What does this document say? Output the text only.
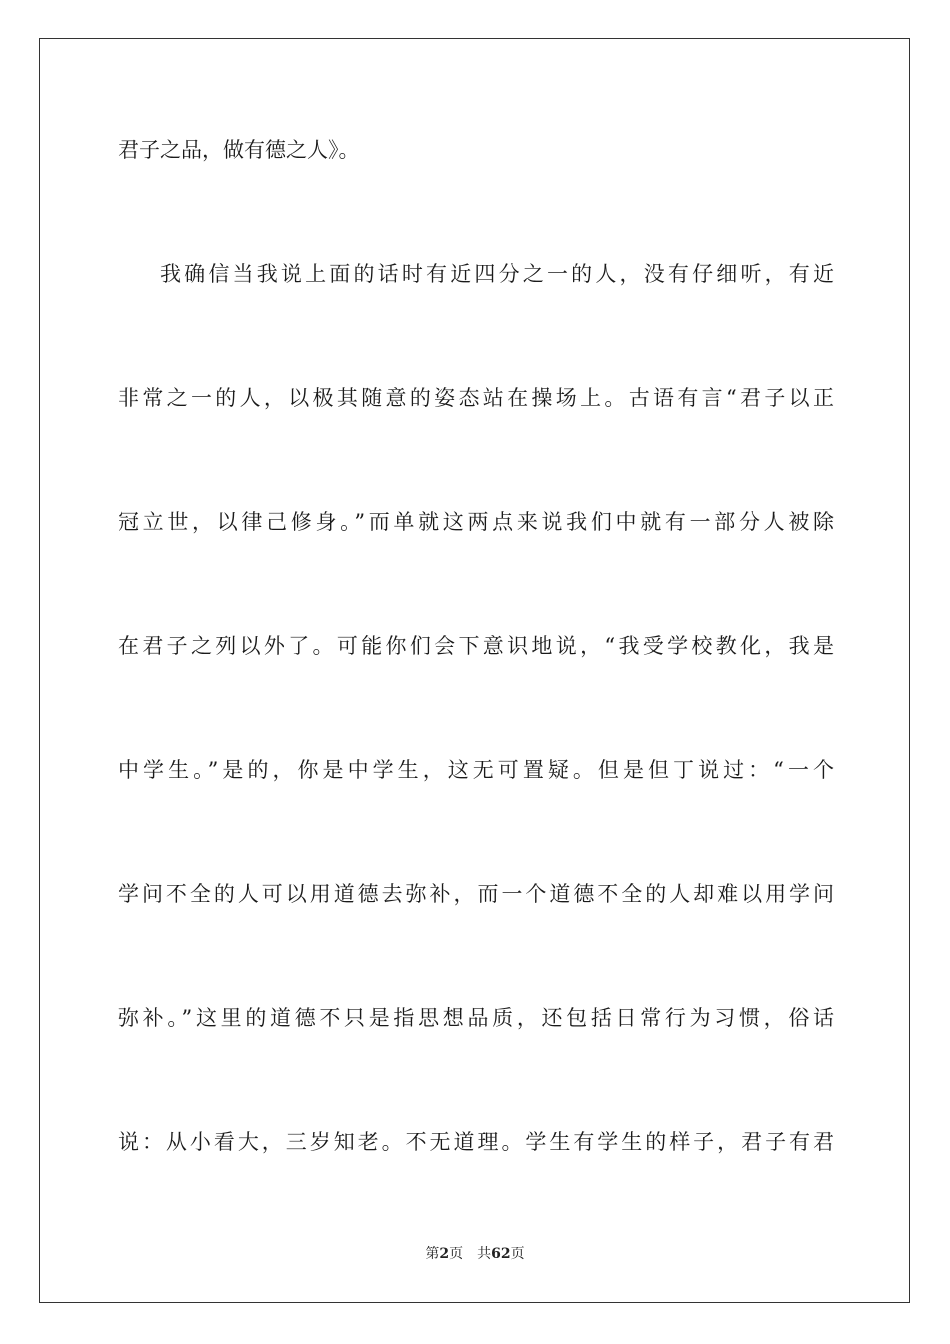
君子之品，做有德之人》。
我确信当我说上面的话时有近四分之一的人，没有仔细听，有近
非常之一的人，以极其随意的姿态站在操场上。古语有言“君子以正
冠立世，以律己修身。”而单就这两点来说我们中就有一部分人被除
在君子之列以外了。可能你们会下意识地说，“我受学校教化，我是
中学生。”是的，你是中学生，这无可置疑。但是但丁说过：“一个
学问不全的人可以用道德去弥补，而一个道德不全的人却难以用学问
弥补。”这里的道德不只是指思想品质，还包括日常行为习惯，俗话
说：从小看大，三岁知老。不无道理。学生有学生的样子，君子有君
第2页 共62页
